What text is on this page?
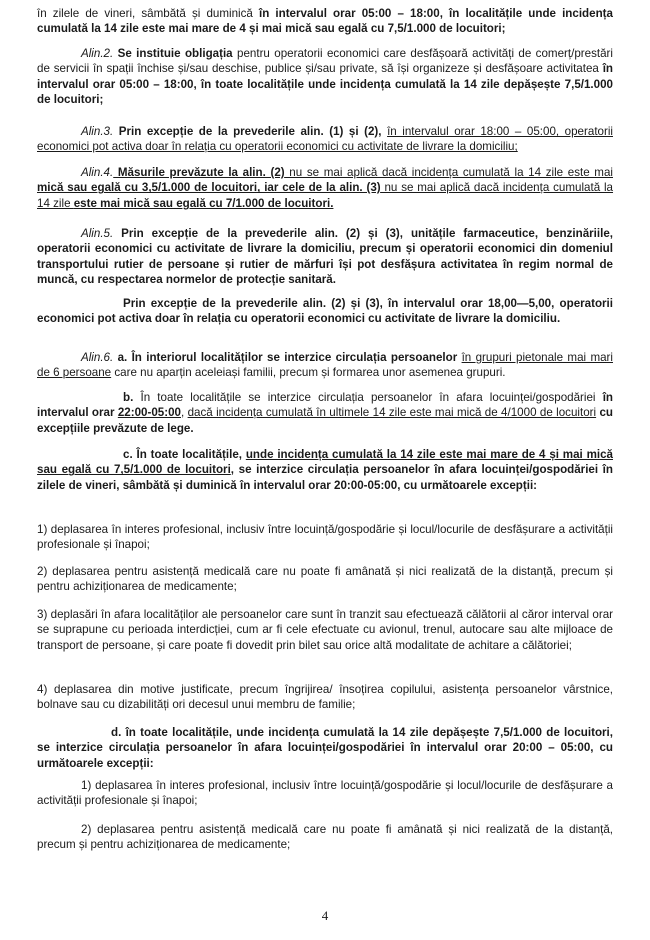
în zilele de vineri, sâmbătă și duminică în intervalul orar 05:00 – 18:00, în localitățile unde incidența cumulată la 14 zile este mai mare de 4 și mai mică sau egală cu 7,5/1.000 de locuitori;

Alin.2. Se instituie obligația pentru operatorii economici care desfășoară activități de comerț/prestări de servicii în spații închise și/sau deschise, publice și/sau private, să își organizeze și desfășoare activitatea în intervalul orar 05:00 – 18:00, în toate localitățile unde incidența cumulată la 14 zile depășește 7,5/1.000 de locuitori;

Alin.3. Prin excepție de la prevederile alin. (1) și (2), în intervalul orar 18:00 – 05:00, operatorii economici pot activa doar în relația cu operatorii economici cu activitate de livrare la domiciliu;

Alin.4. Măsurile prevăzute la alin. (2) nu se mai aplică dacă incidența cumulată la 14 zile este mai mică sau egală cu 3,5/1.000 de locuitori, iar cele de la alin. (3) nu se mai aplică dacă incidența cumulată la 14 zile este mai mică sau egală cu 7/1.000 de locuitori.

Alin.5. Prin excepție de la prevederile alin. (2) și (3), unitățile farmaceutice, benzinăriile, operatorii economici cu activitate de livrare la domiciliu, precum și operatorii economici din domeniul transportului rutier de persoane și rutier de mărfuri își pot desfășura activitatea în regim normal de muncă, cu respectarea normelor de protecție sanitară.

Prin excepție de la prevederile alin. (2) și (3), în intervalul orar 18,00—5,00, operatorii economici pot activa doar în relația cu operatorii economici cu activitate de livrare la domiciliu.

Alin.6. a. În interiorul localităților se interzice circulația persoanelor în grupuri pietonale mai mari de 6 persoane care nu aparțin aceleiași familii, precum și formarea unor asemenea grupuri.

b. În toate localitățile se interzice circulația persoanelor în afara locuinței/gospodăriei în intervalul orar 22:00-05:00, dacă incidența cumulată în ultimele 14 zile este mai mică de 4/1000 de locuitori cu excepțiile prevăzute de lege.

c. În toate localitățile, unde incidența cumulată la 14 zile este mai mare de 4 și mai mică sau egală cu 7,5/1.000 de locuitori, se interzice circulația persoanelor în afara locuinței/gospodăriei în zilele de vineri, sâmbătă și duminică în intervalul orar 20:00-05:00, cu următoarele excepții:

1) deplasarea în interes profesional, inclusiv între locuință/gospodărie și locul/locurile de desfășurare a activității profesionale și înapoi;

2) deplasarea pentru asistență medicală care nu poate fi amânată și nici realizată de la distanță, precum și pentru achiziționarea de medicamente;

3) deplasări în afara localităților ale persoanelor care sunt în tranzit sau efectuează călătorii al căror interval orar se suprapune cu perioada interdicției, cum ar fi cele efectuate cu avionul, trenul, autocare sau alte mijloace de transport de persoane, și care poate fi dovedit prin bilet sau orice altă modalitate de achitare a călătoriei;

4) deplasarea din motive justificate, precum îngrijirea/ însoțirea copilului, asistența persoanelor vârstnice, bolnave sau cu dizabilități ori decesul unui membru de familie;

d. în toate localitățile, unde incidența cumulată la 14 zile depășește 7,5/1.000 de locuitori, se interzice circulația persoanelor în afara locuinței/gospodăriei în intervalul orar 20:00 – 05:00, cu următoarele excepții:

1) deplasarea în interes profesional, inclusiv între locuință/gospodărie și locul/locurile de desfășurare a activității profesionale și înapoi;

2) deplasarea pentru asistență medicală care nu poate fi amânată și nici realizată de la distanță, precum și pentru achiziționarea de medicamente;

4
